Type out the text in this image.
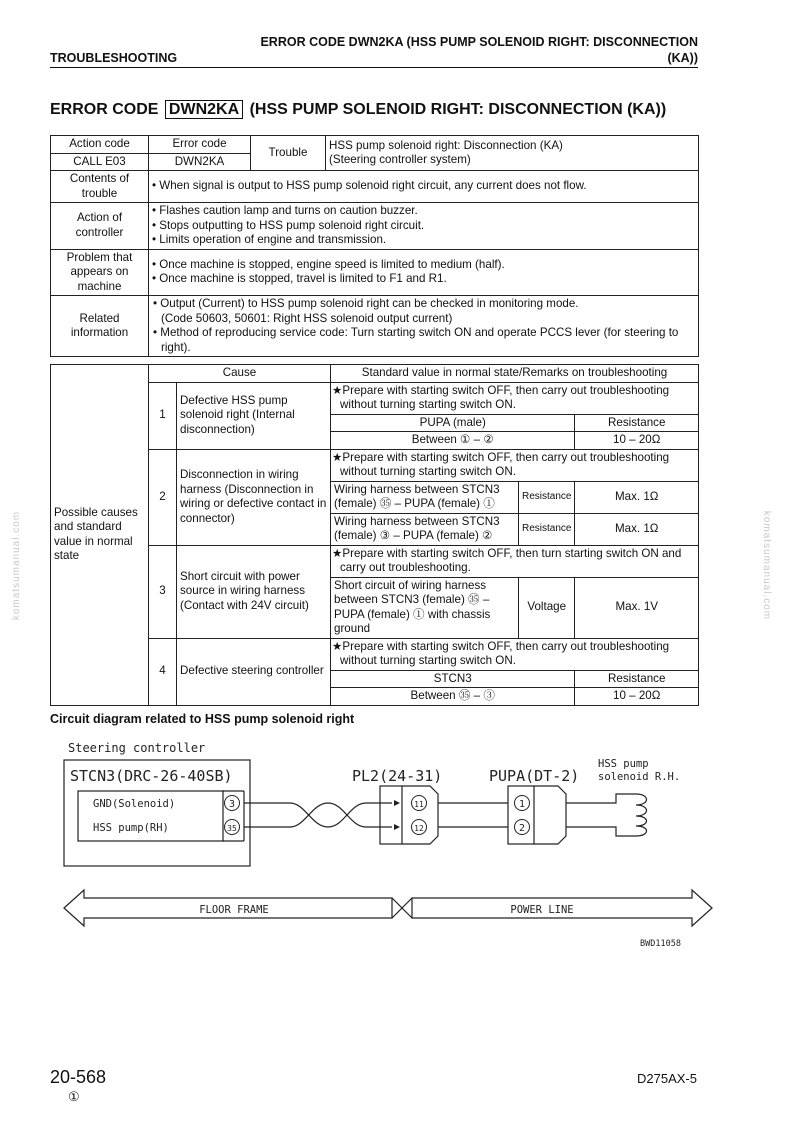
ERROR CODE DWN2KA (HSS PUMP SOLENOID RIGHT: DISCONNECTION
(KA))
TROUBLESHOOTING
ERROR CODE DWN2KA (HSS PUMP SOLENOID RIGHT: DISCONNECTION (KA))
Action code	Error code	Trouble	HSS pump solenoid right: Disconnection (KA)
(Steering controller system)

CALL E03	DWN2KA		
Contents of trouble	• When signal is output to HSS pump solenoid right circuit, any current does not flow.		
Action of controller	• Flashes caution lamp and turns on caution buzzer.
• Stops outputting to HSS pump solenoid right circuit.
• Limits operation of engine and transmission.		

Problem that appears on machine	• Once machine is stopped, engine speed is limited to medium (half).
• Once machine is stopped, travel is limited to F1 and R1.		

Related information	• Output (Current) to HSS pump solenoid right can be checked in monitoring mode.
(Code 50603, 50601: Right HSS solenoid output current)
• Method of reproducing service code: Turn starting switch ON and operate PCCS lever (for steering to right).		
Possible causes and standard value in normal state	Cause		Standard value in normal state/Remarks on troubleshooting		
	1	Defective HSS pump solenoid right (Internal disconnection)	★Prepare with starting switch OFF, then carry out troubleshooting without turning starting switch ON.		
			PUPA (male)		Resistance
			Between ① – ②		10 – 20Ω
	2	Disconnection in wiring harness (Disconnection in wiring or defective contact in connector)	★Prepare with starting switch OFF, then carry out troubleshooting without turning starting switch ON.		
			Wiring harness between STCN3 (female) ㉟ – PUPA (female) ①	Resistance	Max. 1Ω
			Wiring harness between STCN3 (female) ③ – PUPA (female) ②	Resistance	Max. 1Ω
	3	Short circuit with power source in wiring harness (Contact with 24V circuit)	★Prepare with starting switch OFF, then turn starting switch ON and carry out troubleshooting.		
			Short circuit of wiring harness between STCN3 (female) ㉟ – PUPA (female) ① with chassis ground	Voltage	Max. 1V
	4	Defective steering controller	★Prepare with starting switch OFF, then carry out troubleshooting without turning starting switch ON.		
			STCN3		Resistance
			Between ㉟ – ③		10 – 20Ω
komatsumanual.com	komatsumanual.com
Circuit diagram related to HSS pump solenoid right
3
35
11
12
1
2
Steering controller
STCN3(DRC-26-40SB)
GND(Solenoid)
HSS pump(RH)
PL2(24-31)	PUPA(DT-2)
HSS pump
solenoid R.H.
FLOOR FRAME	POWER LINE
BWD11058
20-568	D275AX-5
①
